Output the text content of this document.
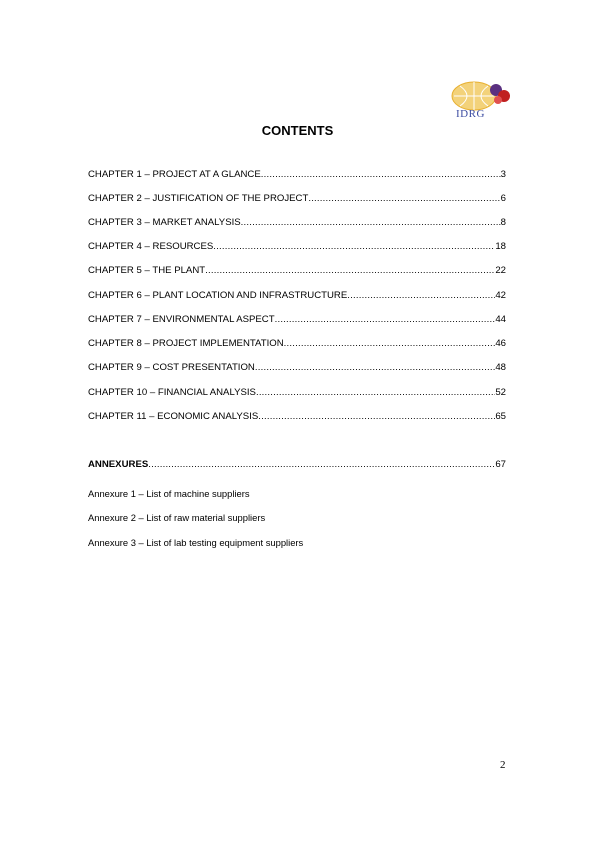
IDRG
CONTENTS
CHAPTER 1 – PROJECT AT A GLANCE .....	3
CHAPTER 2 – JUSTIFICATION OF THE PROJECT .....	6
CHAPTER 3 – MARKET ANALYSIS .....	8
CHAPTER 4 – RESOURCES .....	18
CHAPTER 5 – THE PLANT .....	22
CHAPTER 6 – PLANT LOCATION AND INFRASTRUCTURE .....	42
CHAPTER 7 – ENVIRONMENTAL ASPECT .....	44
CHAPTER 8 – PROJECT IMPLEMENTATION .....	46
CHAPTER 9 – COST PRESENTATION .....	48
CHAPTER 10 – FINANCIAL ANALYSIS .....	52
CHAPTER 11 – ECONOMIC ANALYSIS .....	65
ANNEXURES .....	67
Annexure 1 – List of machine suppliers
Annexure 2 – List of raw material suppliers
Annexure 3 – List of lab testing equipment suppliers
2
